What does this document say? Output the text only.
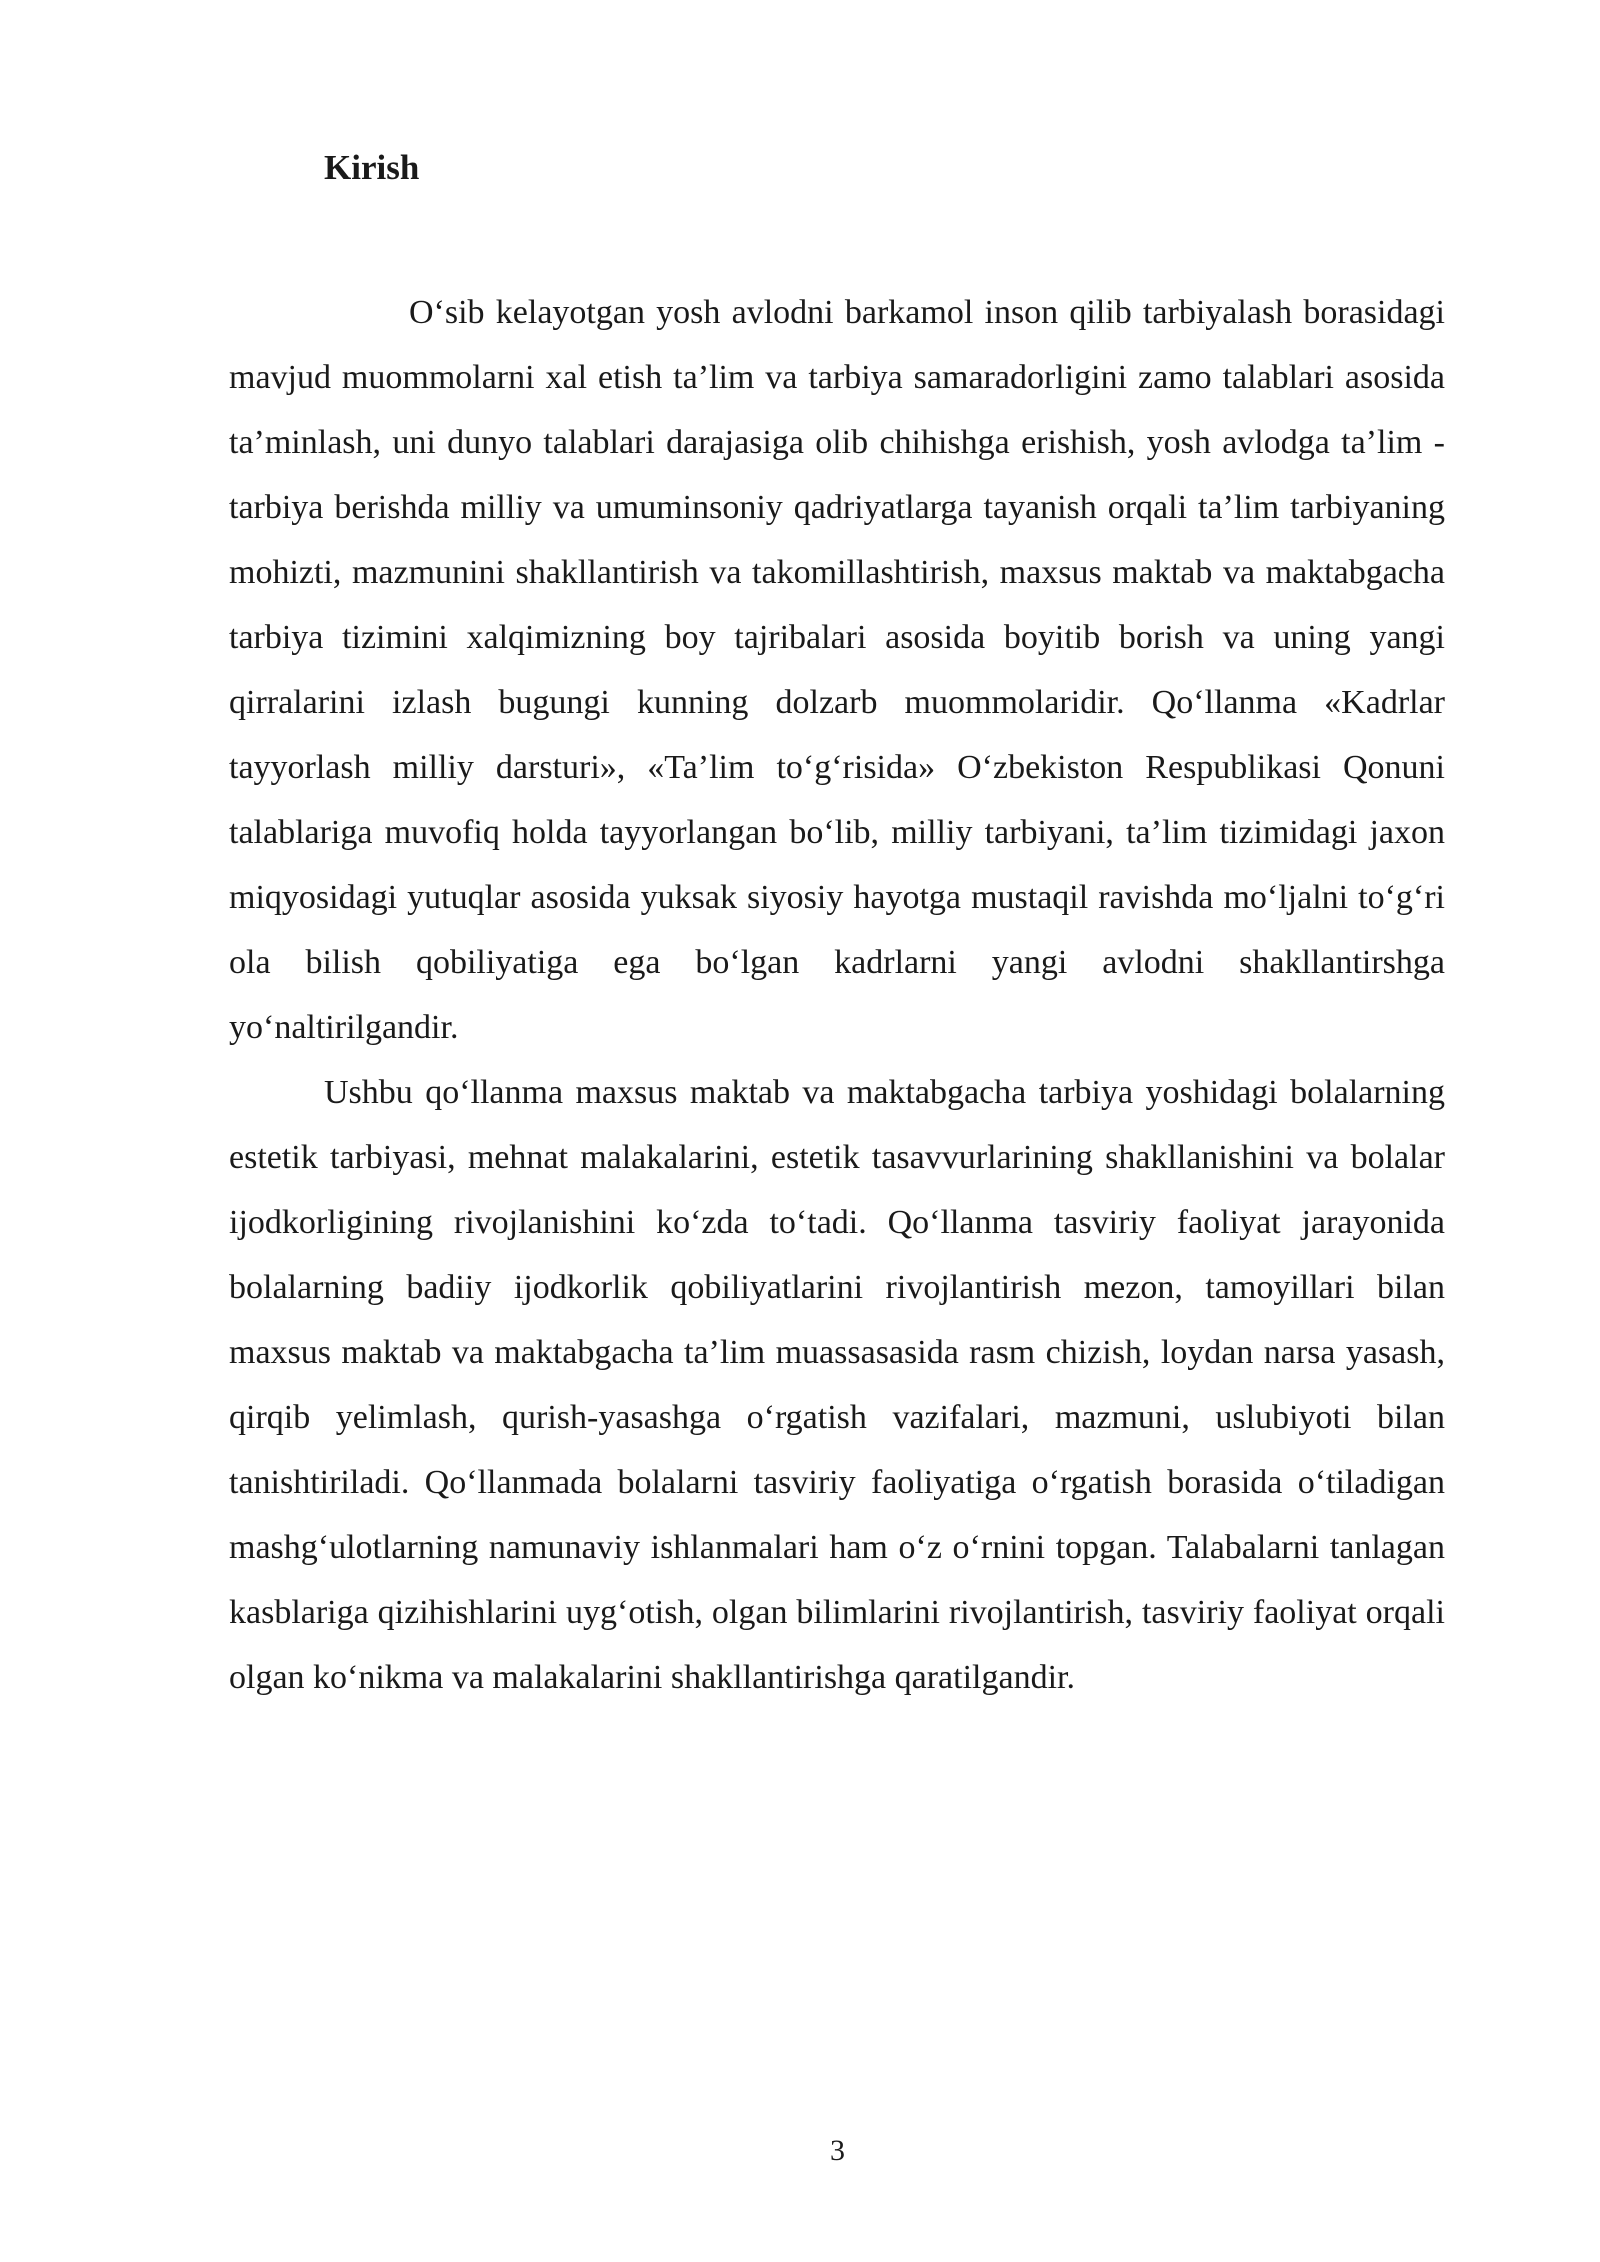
Kirish

O‘sib kelayotgan yosh avlodni barkamol inson qilib tarbiyalash borasidagi mavjud muommolarni xal etish ta’lim va tarbiya samaradorligini zamo talablari asosida ta’minlash, uni dunyo talablari darajasiga olib chihishga erishish, yosh avlodga ta’lim - tarbiya berishda milliy va umuminsoniy qadriyatlarga tayanish orqali ta’lim tarbiyaning mohizti, mazmunini shakllantirish va takomillashtirish, maxsus maktab va maktabgacha tarbiya tizimini xalqimizning boy tajribalari asosida boyitib borish va uning yangi qirralarini izlash bugungi kunning dolzarb muommolaridir. Qo‘llanma «Kadrlar tayyorlash milliy darsturi», «Ta’lim to‘g‘risida» O‘zbekiston Respublikasi Qonuni talablariga muvofiq holda tayyorlangan bo‘lib, milliy tarbiyani, ta’lim tizimidagi jaxon miqyosidagi yutuqlar asosida yuksak siyosiy hayotga mustaqil ravishda mo‘ljalni to‘g‘ri ola bilish qobiliyatiga ega bo‘lgan kadrlarni yangi avlodni shakllantirshga yo‘naltirilgandir.

Ushbu qo‘llanma maxsus maktab va maktabgacha tarbiya yoshidagi bolalarning estetik tarbiyasi, mehnat malakalarini, estetik tasavvurlarining shakllanishini va bolalar ijodkorligining rivojlanishini ko‘zda to‘tadi. Qo‘llanma tasviriy faoliyat jarayonida bolalarning badiiy ijodkorlik qobiliyatlarini rivojlantirish mezon, tamoyillari bilan maxsus maktab va maktabgacha ta’lim muassasasida rasm chizish, loydan narsa yasash, qirqib yelimlash, qurish-yasashga o‘rgatish vazifalari, mazmuni, uslubiyoti bilan tanishtiriladi. Qo‘llanmada bolalarni tasviriy faoliyatiga o‘rgatish borasida o‘tiladigan mashg‘ulotlarning namunaviy ishlanmalari ham o‘z o‘rnini topgan. Talabalarni tanlagan kasblariga qizihishlarini uyg‘otish, olgan bilimlarini rivojlantirish, tasviriy faoliyat orqali olgan ko‘nikma va malakalarini shakllantirishga qaratilgandir.

3
